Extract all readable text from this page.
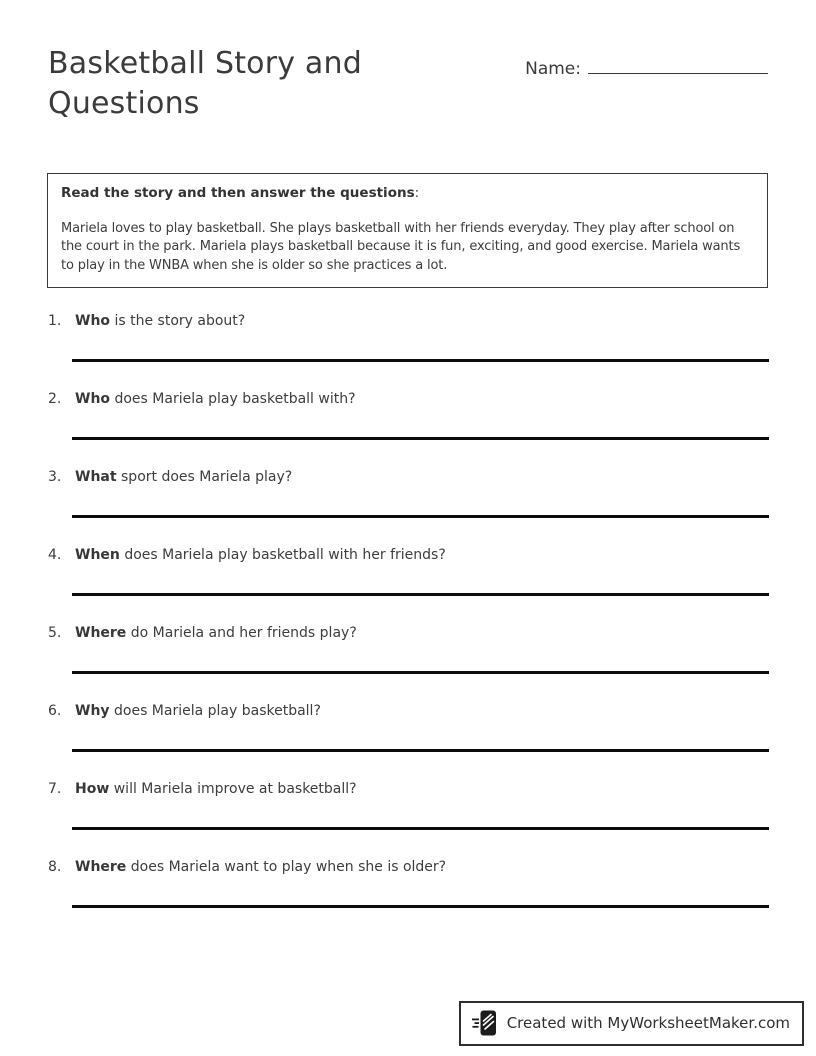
Basketball Story and Questions
Name:
Read the story and then answer the questions:
Mariela loves to play basketball. She plays basketball with her friends everyday. They play after school on the court in the park. Mariela plays basketball because it is fun, exciting, and good exercise. Mariela wants to play in the WNBA when she is older so she practices a lot.
1. Who is the story about?
2. Who does Mariela play basketball with?
3. What sport does Mariela play?
4. When does Mariela play basketball with her friends?
5. Where do Mariela and her friends play?
6. Why does Mariela play basketball?
7. How will Mariela improve at basketball?
8. Where does Mariela want to play when she is older?
Created with MyWorksheetMaker.com
